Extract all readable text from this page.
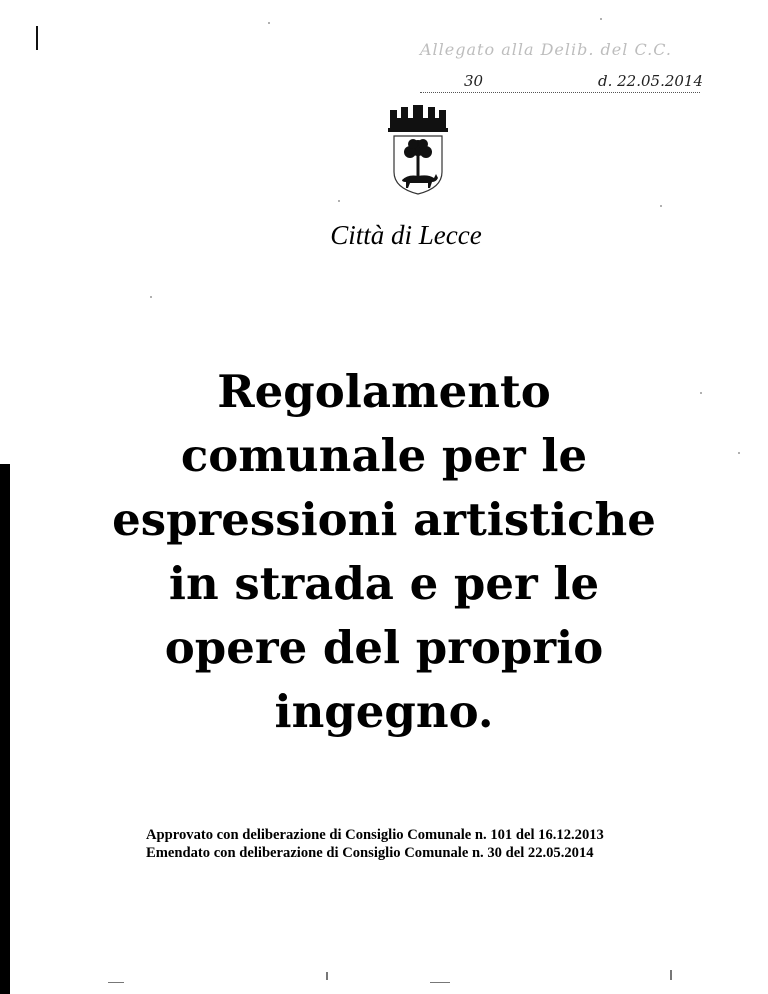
Allegato alla Delib. del C.C.
30	d. 22.05.2014
Città di Lecce
Regolamento
comunale per le
espressioni artistiche
in strada e per le
opere del proprio
ingegno.
Approvato con deliberazione di Consiglio Comunale n. 101 del 16.12.2013
Emendato con deliberazione di Consiglio Comunale n. 30 del 22.05.2014
